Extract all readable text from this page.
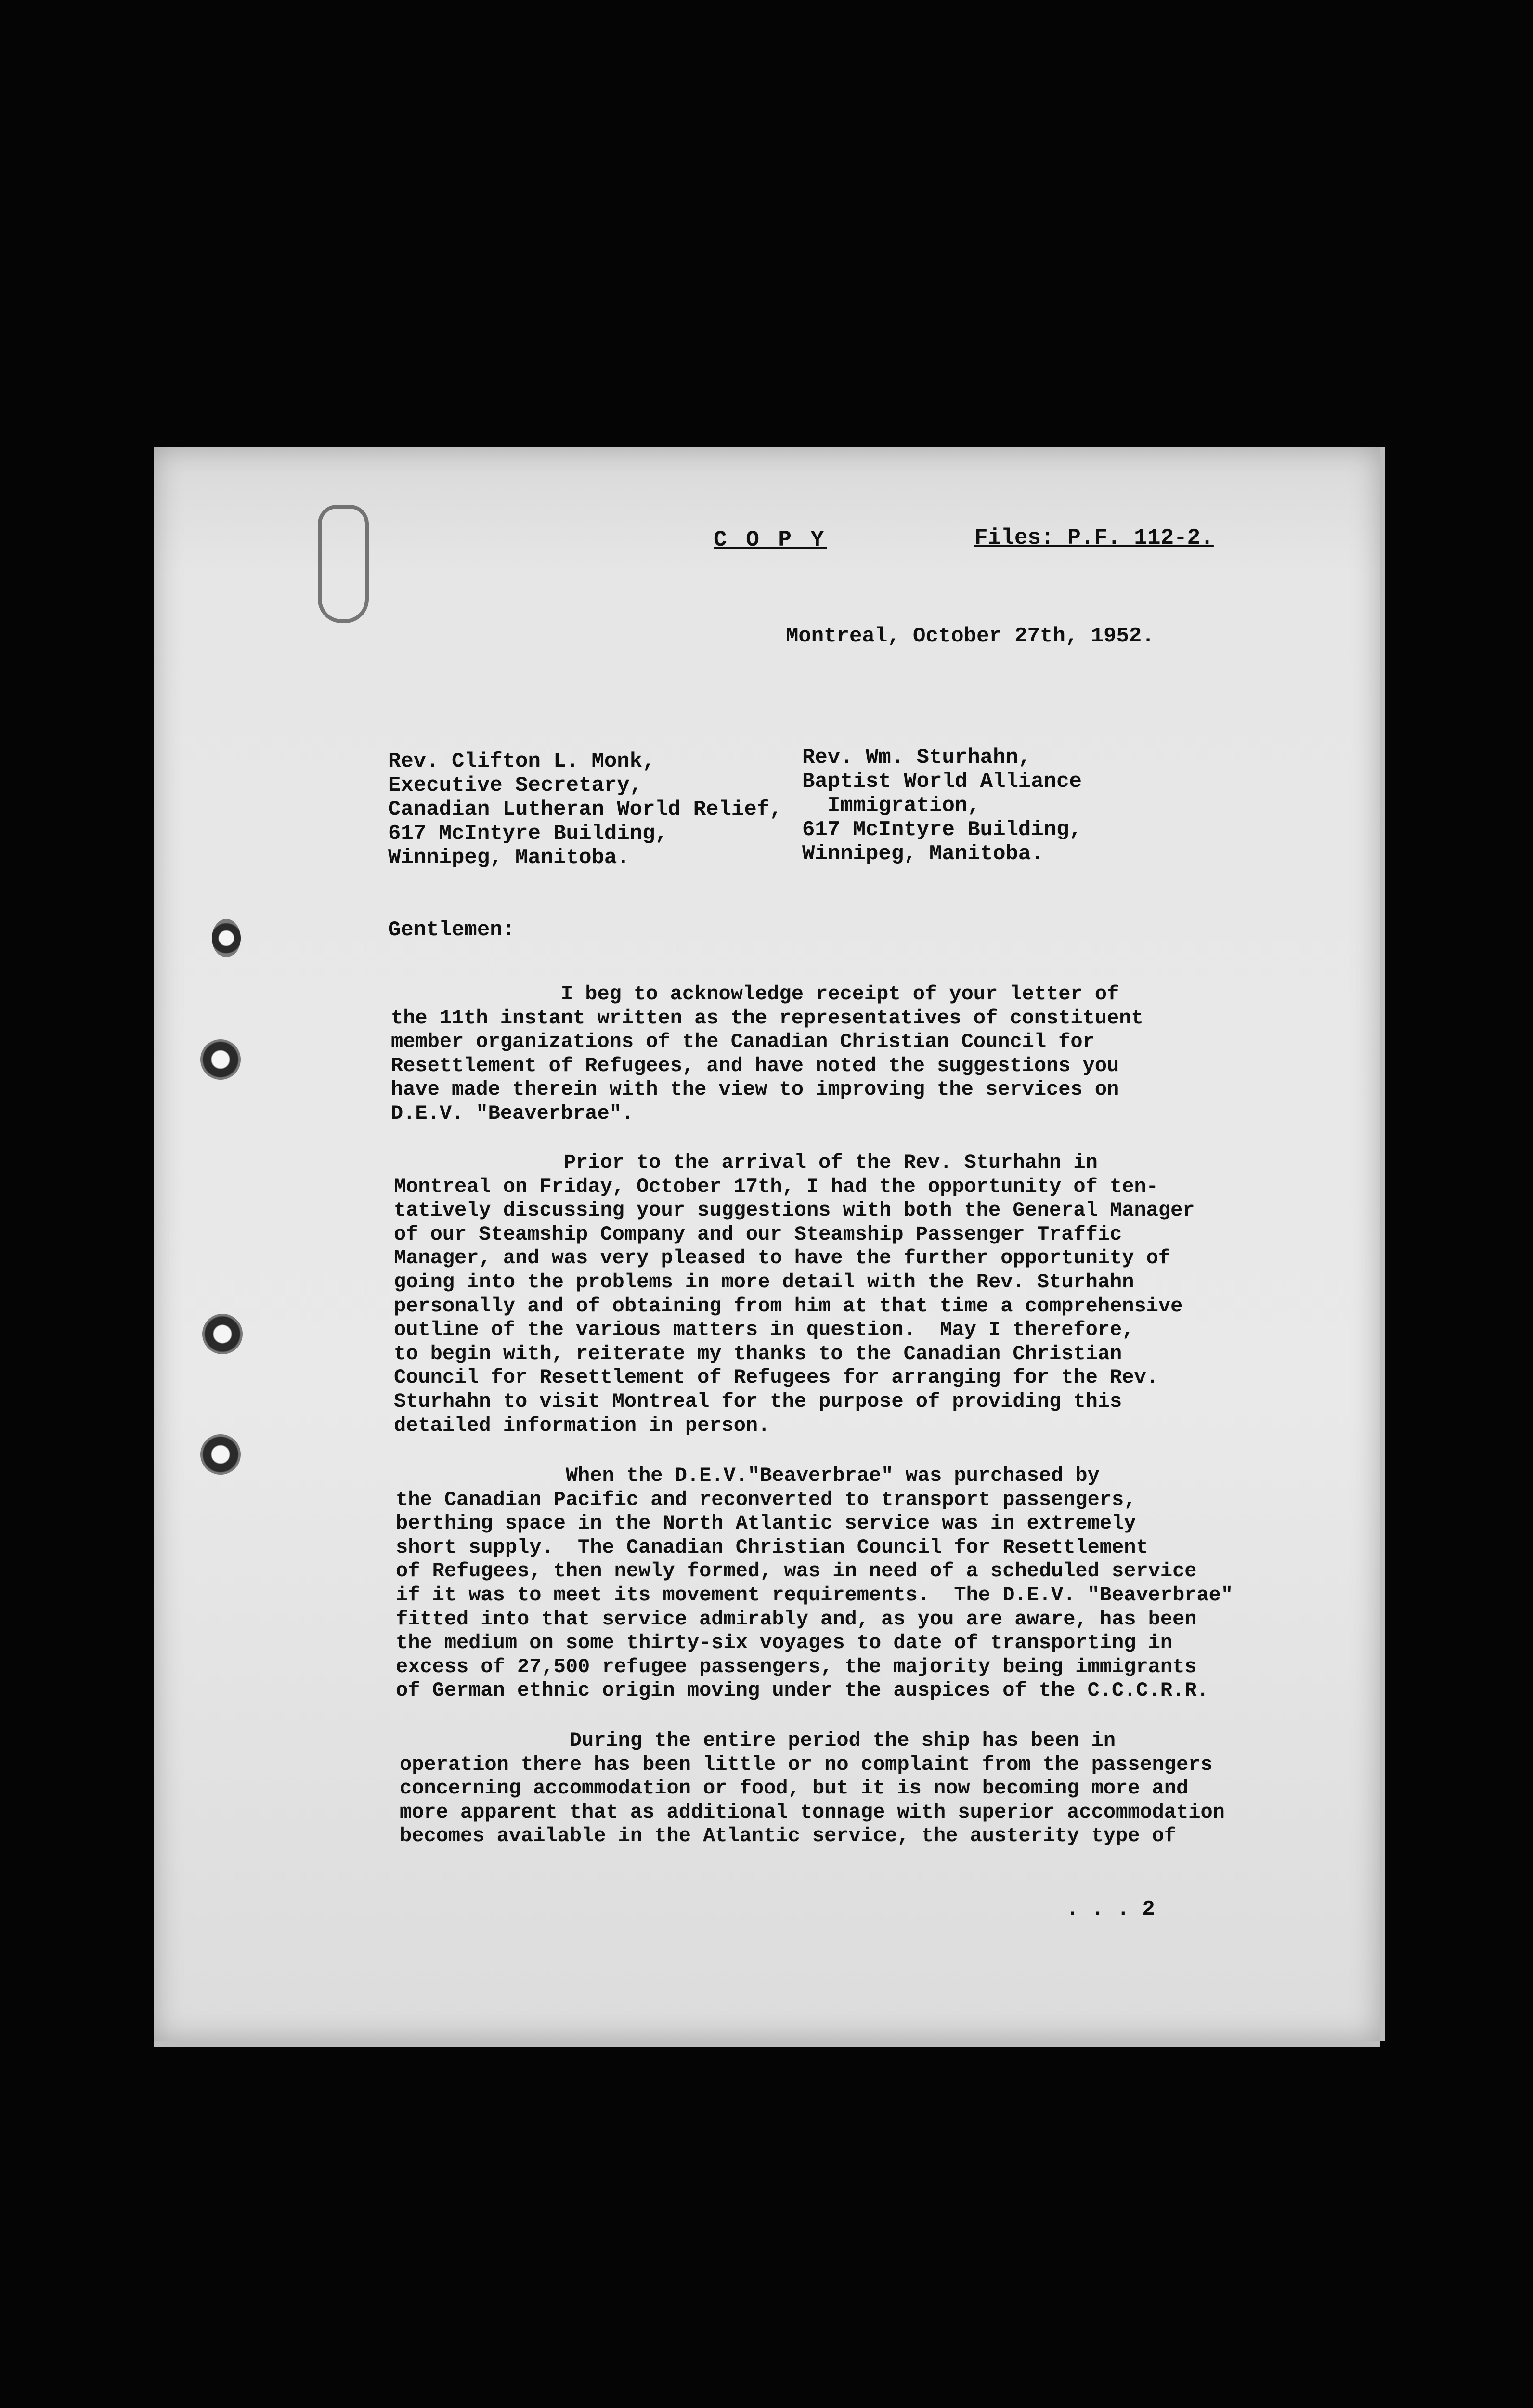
C O P Y	Files: P.F. 112-2.
Montreal, October 27th, 1952.
Rev. Clifton L. Monk,
Executive Secretary,
Canadian Lutheran World Relief,
617 McIntyre Building,
Winnipeg, Manitoba.
Rev. Wm. Sturhahn,
Baptist World Alliance
Immigration,
617 McIntyre Building,
Winnipeg, Manitoba.
Gentlemen:
I beg to acknowledge receipt of your letter of
the 11th instant written as the representatives of constituent
member organizations of the Canadian Christian Council for
Resettlement of Refugees, and have noted the suggestions you
have made therein with the view to improving the services on
D.E.V. "Beaverbrae".
Prior to the arrival of the Rev. Sturhahn in
Montreal on Friday, October 17th, I had the opportunity of ten-
tatively discussing your suggestions with both the General Manager
of our Steamship Company and our Steamship Passenger Traffic
Manager, and was very pleased to have the further opportunity of
going into the problems in more detail with the Rev. Sturhahn
personally and of obtaining from him at that time a comprehensive
outline of the various matters in question.  May I therefore,
to begin with, reiterate my thanks to the Canadian Christian
Council for Resettlement of Refugees for arranging for the Rev.
Sturhahn to visit Montreal for the purpose of providing this
detailed information in person.
When the D.E.V."Beaverbrae" was purchased by
the Canadian Pacific and reconverted to transport passengers,
berthing space in the North Atlantic service was in extremely
short supply.  The Canadian Christian Council for Resettlement
of Refugees, then newly formed, was in need of a scheduled service
if it was to meet its movement requirements.  The D.E.V. "Beaverbrae"
fitted into that service admirably and, as you are aware, has been
the medium on some thirty-six voyages to date of transporting in
excess of 27,500 refugee passengers, the majority being immigrants
of German ethnic origin moving under the auspices of the C.C.C.R.R.
During the entire period the ship has been in
operation there has been little or no complaint from the passengers
concerning accommodation or food, but it is now becoming more and
more apparent that as additional tonnage with superior accommodation
becomes available in the Atlantic service, the austerity type of
. . . 2
